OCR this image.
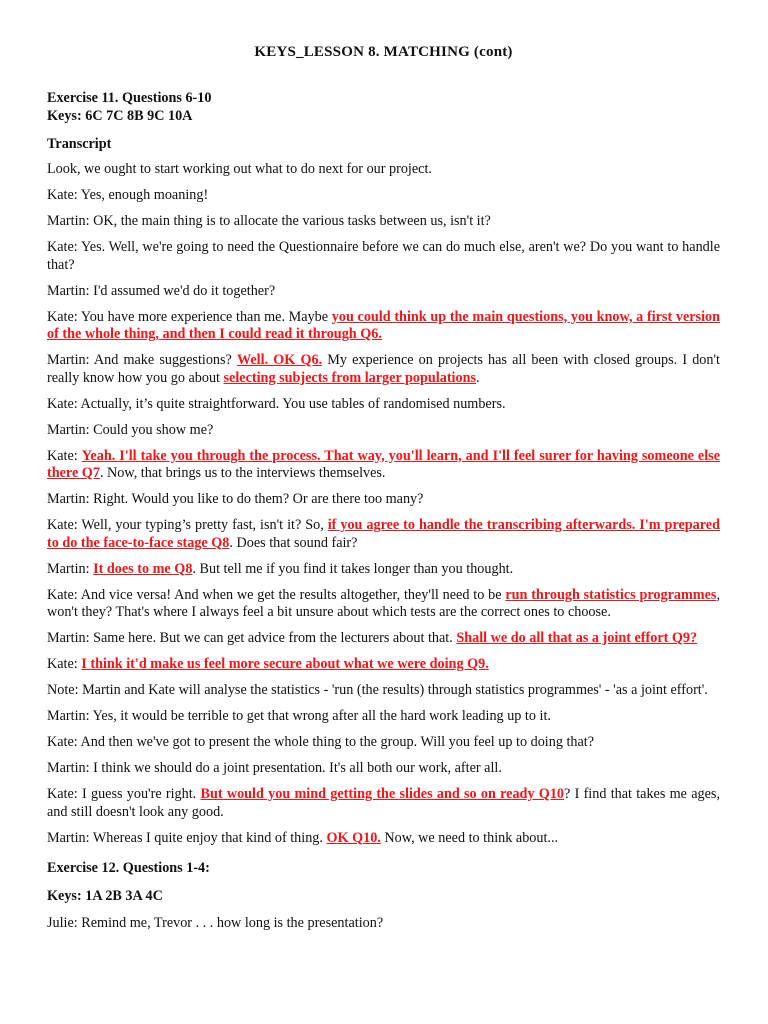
KEYS_LESSON 8. MATCHING (cont)
Exercise 11. Questions 6-10
Keys: 6C 7C 8B 9C 10A
Transcript
Look, we ought to start working out what to do next for our project.
Kate: Yes, enough moaning!
Martin: OK, the main thing is to allocate the various tasks between us, isn't it?
Kate: Yes. Well, we're going to need the Questionnaire before we can do much else, aren't we? Do you want to handle that?
Martin: I'd assumed we'd do it together?
Kate: You have more experience than me. Maybe you could think up the main questions, you know, a first version of the whole thing, and then I could read it through Q6.
Martin: And make suggestions? Well. OK Q6. My experience on projects has all been with closed groups. I don't really know how you go about selecting subjects from larger populations.
Kate: Actually, it’s quite straightforward. You use tables of randomised numbers.
Martin: Could you show me?
Kate: Yeah. I'll take you through the process. That way, you'll learn, and I'll feel surer for having someone else there Q7. Now, that brings us to the interviews themselves.
Martin: Right. Would you like to do them? Or are there too many?
Kate: Well, your typing’s pretty fast, isn't it? So, if you agree to handle the transcribing afterwards. I'm prepared to do the face-to-face stage Q8. Does that sound fair?
Martin: It does to me Q8. But tell me if you find it takes longer than you thought.
Kate: And vice versa! And when we get the results altogether, they'll need to be run through statistics programmes, won't they? That's where I always feel a bit unsure about which tests are the correct ones to choose.
Martin: Same here. But we can get advice from the lecturers about that. Shall we do all that as a joint effort Q9?
Kate: I think it'd make us feel more secure about what we were doing Q9.
Note: Martin and Kate will analyse the statistics - 'run (the results) through statistics programmes' - 'as a joint effort'.
Martin: Yes, it would be terrible to get that wrong after all the hard work leading up to it.
Kate: And then we've got to present the whole thing to the group. Will you feel up to doing that?
Martin: I think we should do a joint presentation. It's all both our work, after all.
Kate: I guess you're right. But would you mind getting the slides and so on ready Q10? I find that takes me ages, and still doesn't look any good.
Martin: Whereas I quite enjoy that kind of thing. OK Q10. Now, we need to think about...
Exercise 12. Questions 1-4:
Keys: 1A 2B 3A 4C
Julie: Remind me, Trevor . . . how long is the presentation?
